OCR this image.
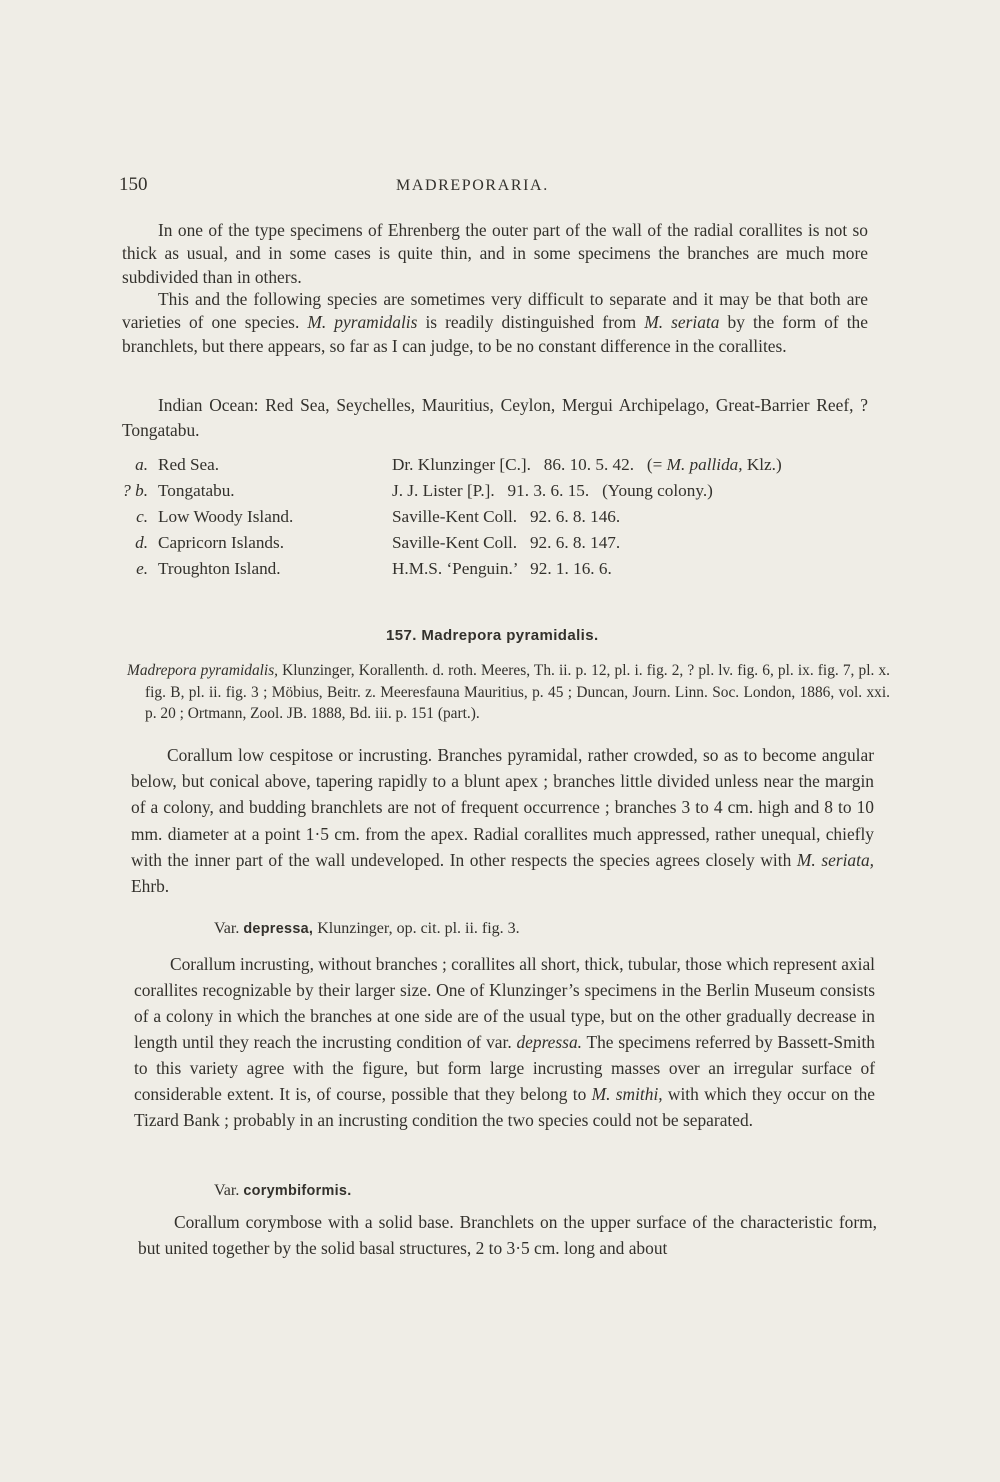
150	MADREPORARIA.

In one of the type specimens of Ehrenberg the outer part of the wall of the radial corallites is not so thick as usual, and in some cases is quite thin, and in some specimens the branches are much more subdivided than in others.

This and the following species are sometimes very difficult to separate and it may be that both are varieties of one species. M. pyramidalis is readily distinguished from M. seriata by the form of the branchlets, but there appears, so far as I can judge, to be no constant difference in the corallites.

Indian Ocean: Red Sea, Seychelles, Mauritius, Ceylon, Mergui Archipelago, Great-Barrier Reef, ?Tongatabu.

a. Red Sea.	Dr. Klunzinger [C.].   86. 10. 5. 42.   (= M. pallida, Klz.)
? b. Tongatabu.	J. J. Lister [P.].   91. 3. 6. 15.   (Young colony.)
c. Low Woody Island.	Saville-Kent Coll.   92. 6. 8. 146.
d. Capricorn Islands.	Saville-Kent Coll.   92. 6. 8. 147.
e. Troughton Island.	H.M.S. ‘Penguin.’   92. 1. 16. 6.
157. Madrepora pyramidalis.

Madrepora pyramidalis, Klunzinger, Korallenth. d. roth. Meeres, Th. ii. p. 12, pl. i. fig. 2, ? pl. lv. fig. 6, pl. ix. fig. 7, pl. x. fig. B, pl. ii. fig. 3 ; Möbius, Beitr. z. Meeresfauna Mauritius, p. 45 ; Duncan, Journ. Linn. Soc. London, 1886, vol. xxi. p. 20 ; Ortmann, Zool. JB. 1888, Bd. iii. p. 151 (part.).

Corallum low cespitose or incrusting. Branches pyramidal, rather crowded, so as to become angular below, but conical above, tapering rapidly to a blunt apex ; branches little divided unless near the margin of a colony, and budding branchlets are not of frequent occurrence ; branches 3 to 4 cm. high and 8 to 10 mm. diameter at a point 1·5 cm. from the apex. Radial corallites much appressed, rather unequal, chiefly with the inner part of the wall undeveloped. In other respects the species agrees closely with M. seriata, Ehrb.

Var. depressa, Klunzinger, op. cit. pl. ii. fig. 3.

Corallum incrusting, without branches ; corallites all short, thick, tubular, those which represent axial corallites recognizable by their larger size. One of Klunzinger’s specimens in the Berlin Museum consists of a colony in which the branches at one side are of the usual type, but on the other gradually decrease in length until they reach the incrusting condition of var. depressa. The specimens referred by Bassett-Smith to this variety agree with the figure, but form large incrusting masses over an irregular surface of considerable extent. It is, of course, possible that they belong to M. smithi, with which they occur on the Tizard Bank ; probably in an incrusting condition the two species could not be separated.

Var. corymbiformis.

Corallum corymbose with a solid base. Branchlets on the upper surface of the characteristic form, but united together by the solid basal structures, 2 to 3·5 cm. long and about
